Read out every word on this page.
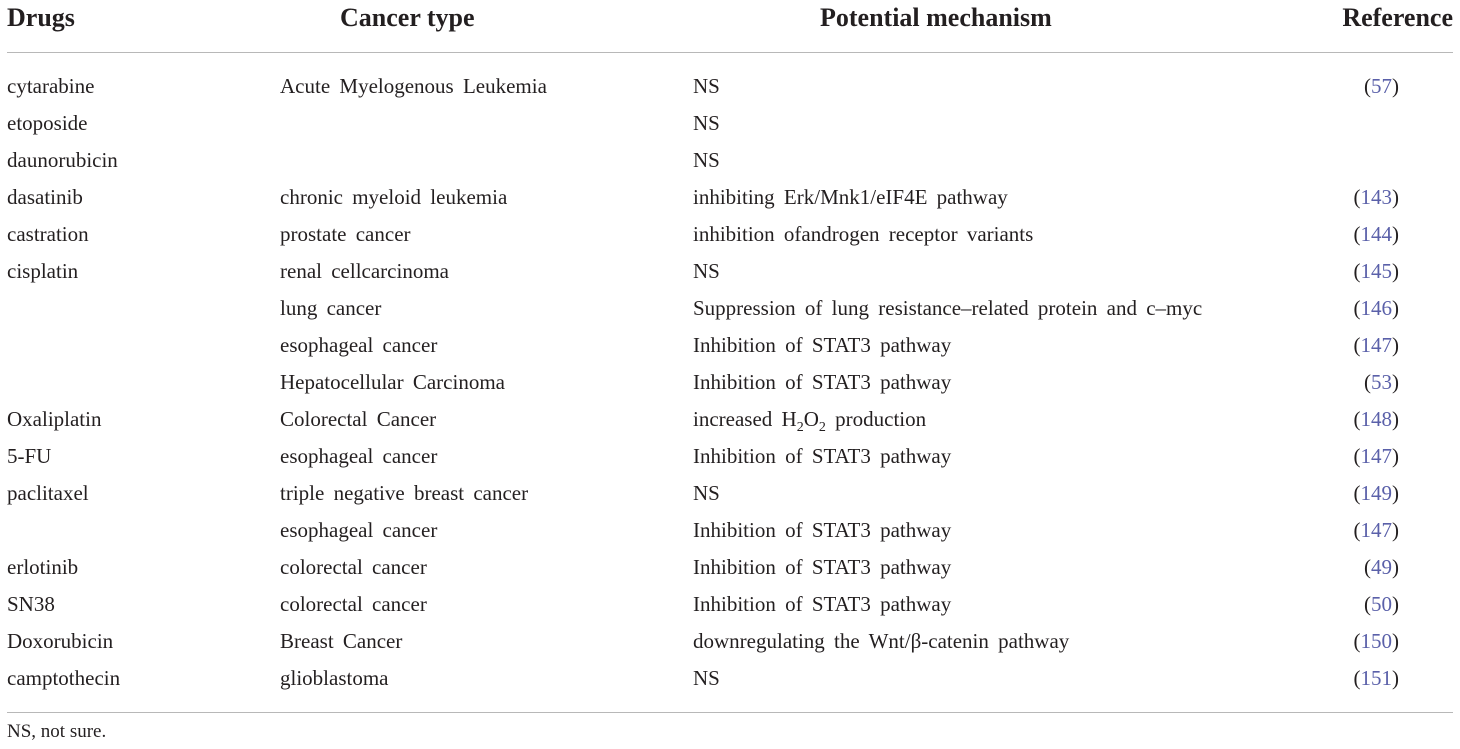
Drugs	Cancer type	Potential mechanism	Reference
cytarabine	Acute Myelogenous Leukemia	NS	(57)
etoposide		NS	
daunorubicin		NS	
dasatinib	chronic myeloid leukemia	inhibiting Erk/Mnk1/eIF4E pathway	(143)
castration	prostate cancer	inhibition ofandrogen receptor variants	(144)
cisplatin	renal cellcarcinoma	NS	(145)
	lung cancer	Suppression of lung resistance–related protein and c–myc	(146)
	esophageal cancer	Inhibition of STAT3 pathway	(147)
	Hepatocellular Carcinoma	Inhibition of STAT3 pathway	(53)
Oxaliplatin	Colorectal Cancer	increased $H_2O_2$ production	(148)
5-FU	esophageal cancer	Inhibition of STAT3 pathway	(147)
paclitaxel	triple negative breast cancer	NS	(149)
	esophageal cancer	Inhibition of STAT3 pathway	(147)
erlotinib	colorectal cancer	Inhibition of STAT3 pathway	(49)
SN38	colorectal cancer	Inhibition of STAT3 pathway	(50)
Doxorubicin	Breast Cancer	downregulating the Wnt/β-catenin pathway	(150)
camptothecin	glioblastoma	NS	(151)
NS, not sure.
